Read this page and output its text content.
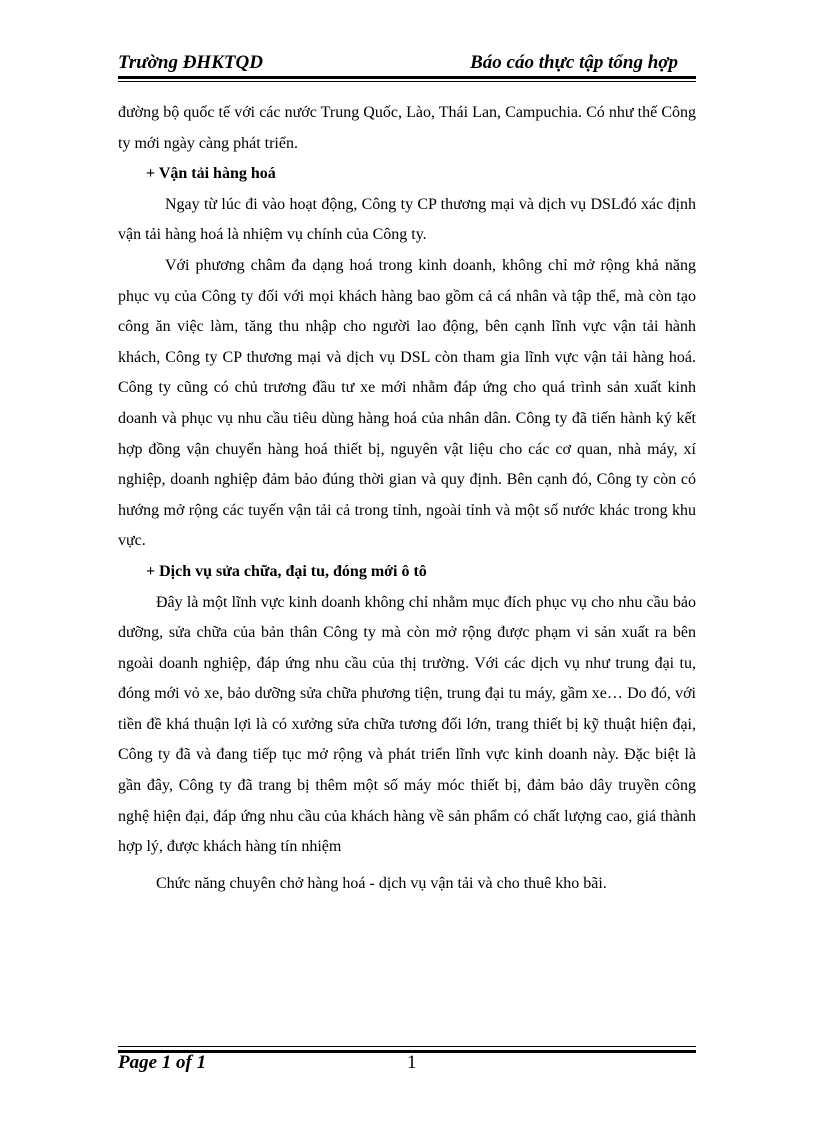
Trường ĐHKTQD	Báo cáo thực tập tổng hợp

đường bộ quốc tế với các nước Trung Quốc, Lào, Thái Lan, Campuchia. Có như thế Công ty mới ngày càng phát triển.

+ Vận tải hàng hoá

Ngay từ lúc đi vào hoạt động, Công ty CP thương mại và dịch vụ DSLđó xác định vận tải hàng hoá là nhiệm vụ chính của Công ty.

Với phương châm đa dạng hoá trong kinh doanh, không chỉ mở rộng khả năng phục vụ của Công ty đối với mọi khách hàng bao gồm cả cá nhân và tập thể, mà còn tạo công ăn việc làm, tăng thu nhập cho người lao động, bên cạnh lĩnh vực vận tải hành khách, Công ty CP thương mại và dịch vụ DSL còn tham gia lĩnh vực vận tải hàng hoá. Công ty cũng có chủ trương đầu tư xe mới nhằm đáp ứng cho quá trình sản xuất kinh doanh và phục vụ nhu cầu tiêu dùng hàng hoá của nhân dân. Công ty đã tiến hành ký kết hợp đồng vận chuyển hàng hoá thiết bị, nguyên vật liệu cho các cơ quan, nhà máy, xí nghiệp, doanh nghiệp đảm bảo đúng thời gian và quy định. Bên cạnh đó, Công ty còn có hướng mở rộng các tuyến vận tải cả trong tỉnh, ngoài tỉnh và một số nước khác trong khu vực.

+ Dịch vụ sửa chữa, đại tu, đóng mới ô tô

Đây là một lĩnh vực kinh doanh không chỉ nhằm mục đích phục vụ cho nhu cầu bảo dưỡng, sửa chữa của bản thân Công ty mà còn mở rộng được phạm vi sản xuất ra bên ngoài doanh nghiệp, đáp ứng nhu cầu của thị trường. Với các dịch vụ như trung đại tu, đóng mới vỏ xe, bảo dưỡng sửa chữa phương tiện, trung đại tu máy, gầm xe… Do đó, với tiền đề khá thuận lợi là có xưởng sửa chữa tương đối lớn, trang thiết bị kỹ thuật hiện đại, Công ty đã và đang tiếp tục mở rộng và phát triển lĩnh vực kinh doanh này. Đặc biệt là gần đây, Công ty đã trang bị thêm một số máy móc thiết bị, đảm bảo dây truyền công nghệ hiện đại, đáp ứng nhu cầu của khách hàng về sản phẩm có chất lượng cao, giá thành hợp lý, được khách hàng tín nhiệm

Chức năng chuyên chở hàng hoá - dịch vụ vận tải và cho thuê kho bãi.

Page 1 of 1	1
